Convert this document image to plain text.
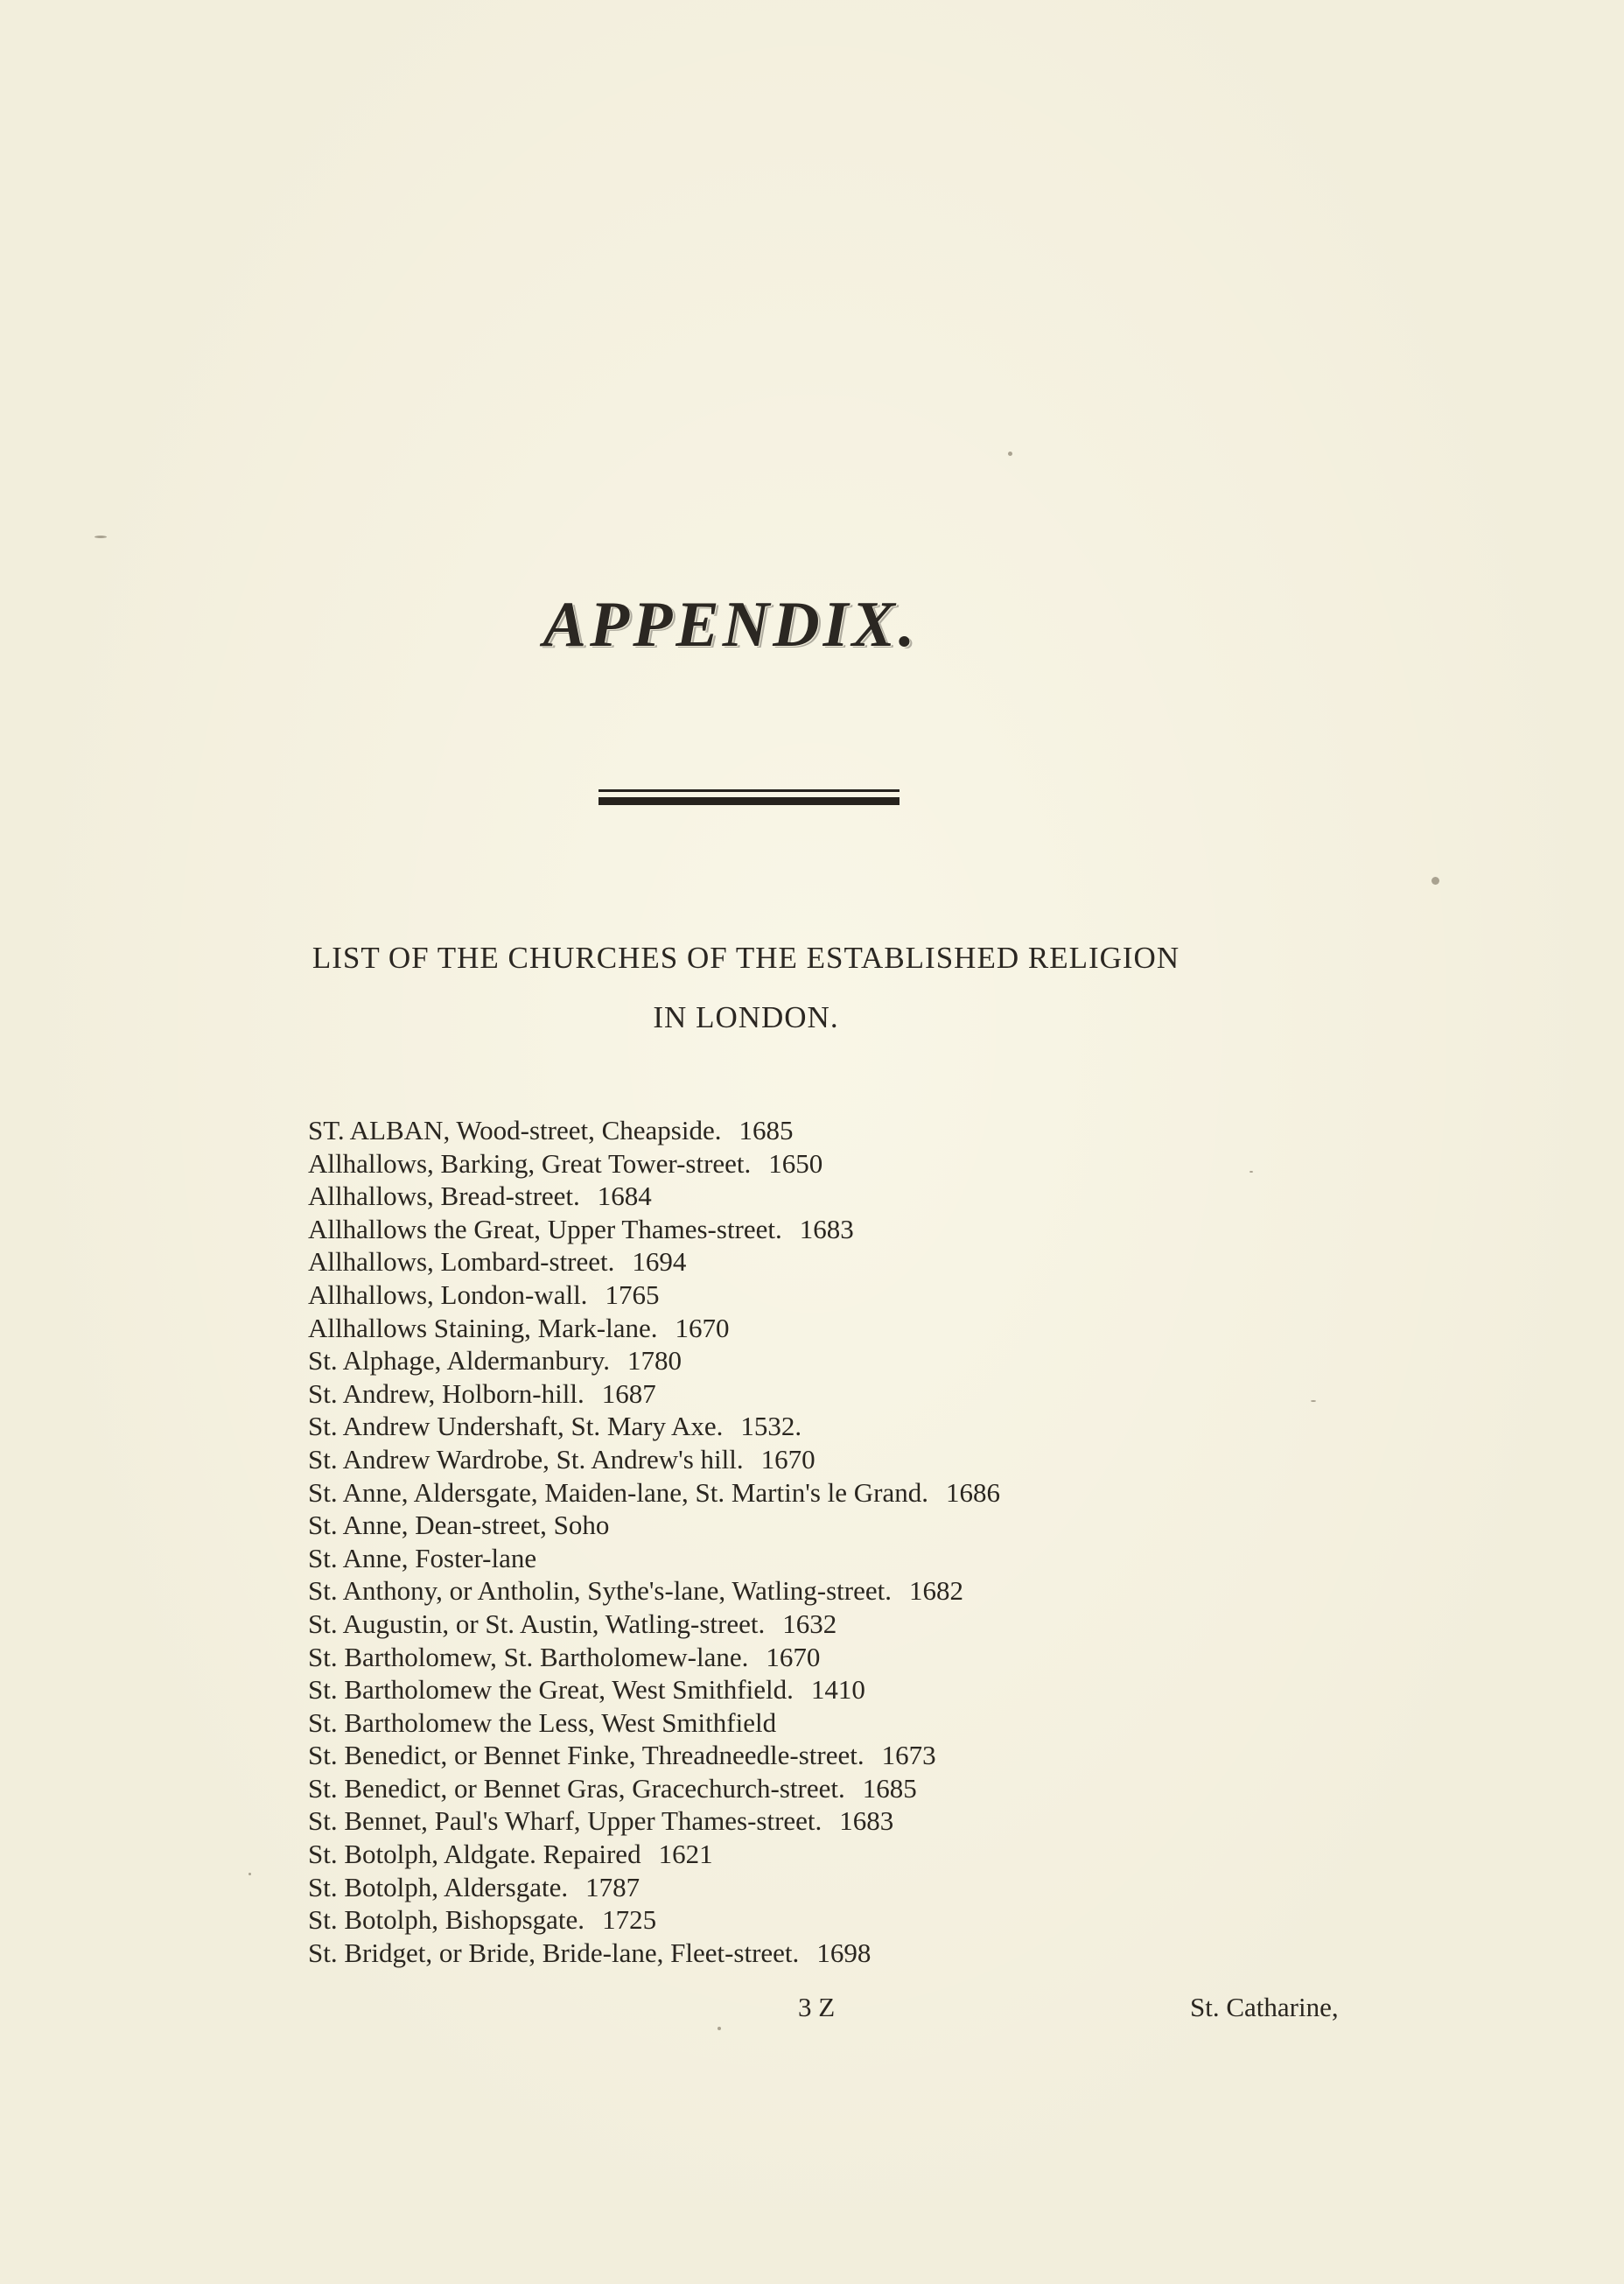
APPENDIX.
LIST OF THE CHURCHES OF THE ESTABLISHED RELIGION
IN LONDON.
ST. ALBAN, Wood-street, Cheapside. 1685
Allhallows, Barking, Great Tower-street. 1650
Allhallows, Bread-street. 1684
Allhallows the Great, Upper Thames-street. 1683
Allhallows, Lombard-street. 1694
Allhallows, London-wall. 1765
Allhallows Staining, Mark-lane. 1670
St. Alphage, Aldermanbury. 1780
St. Andrew, Holborn-hill. 1687
St. Andrew Undershaft, St. Mary Axe. 1532.
St. Andrew Wardrobe, St. Andrew's hill. 1670
St. Anne, Aldersgate, Maiden-lane, St. Martin's le Grand. 1686
St. Anne, Dean-street, Soho
St. Anne, Foster-lane
St. Anthony, or Antholin, Sythe's-lane, Watling-street. 1682
St. Augustin, or St. Austin, Watling-street. 1632
St. Bartholomew, St. Bartholomew-lane. 1670
St. Bartholomew the Great, West Smithfield. 1410
St. Bartholomew the Less, West Smithfield
St. Benedict, or Bennet Finke, Threadneedle-street. 1673
St. Benedict, or Bennet Gras, Gracechurch-street. 1685
St. Bennet, Paul's Wharf, Upper Thames-street. 1683
St. Botolph, Aldgate. Repaired 1621
St. Botolph, Aldersgate. 1787
St. Botolph, Bishopsgate. 1725
St. Bridget, or Bride, Bride-lane, Fleet-street. 1698
3 Z	St. Catharine,
